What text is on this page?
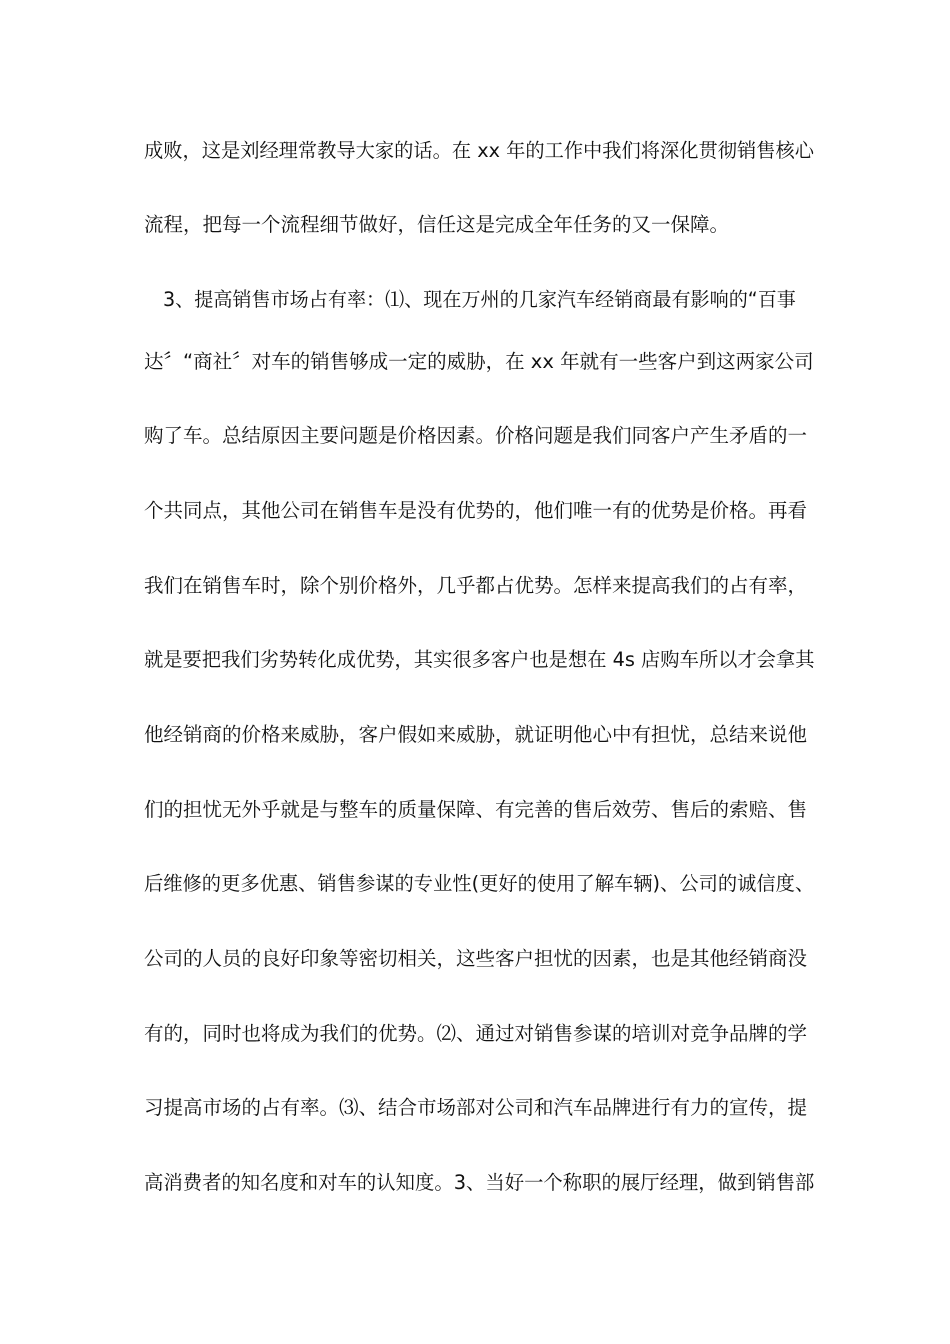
成败，这是刘经理常教导大家的话。在 xx 年的工作中我们将深化贯彻销售核心
流程，把每一个流程细节做好，信任这是完成全年任务的又一保障。
3、提高销售市场占有率：⑴、现在万州的几家汽车经销商最有影响的“百事
达〞“商社〞对车的销售够成一定的威胁，在 xx 年就有一些客户到这两家公司
购了车。总结原因主要问题是价格因素。价格问题是我们同客户产生矛盾的一
个共同点，其他公司在销售车是没有优势的，他们唯一有的优势是价格。再看
我们在销售车时，除个别价格外，几乎都占优势。怎样来提高我们的占有率，
就是要把我们劣势转化成优势，其实很多客户也是想在 4s 店购车所以才会拿其
他经销商的价格来威胁，客户假如来威胁，就证明他心中有担忧，总结来说他
们的担忧无外乎就是与整车的质量保障、有完善的售后效劳、售后的索赔、售
后维修的更多优惠、销售参谋的专业性(更好的使用了解车辆)、公司的诚信度、
公司的人员的良好印象等密切相关，这些客户担忧的因素，也是其他经销商没
有的，同时也将成为我们的优势。⑵、通过对销售参谋的培训对竞争品牌的学
习提高市场的占有率。⑶、结合市场部对公司和汽车品牌进行有力的宣传，提
高消费者的知名度和对车的认知度。3、当好一个称职的展厅经理，做到销售部
